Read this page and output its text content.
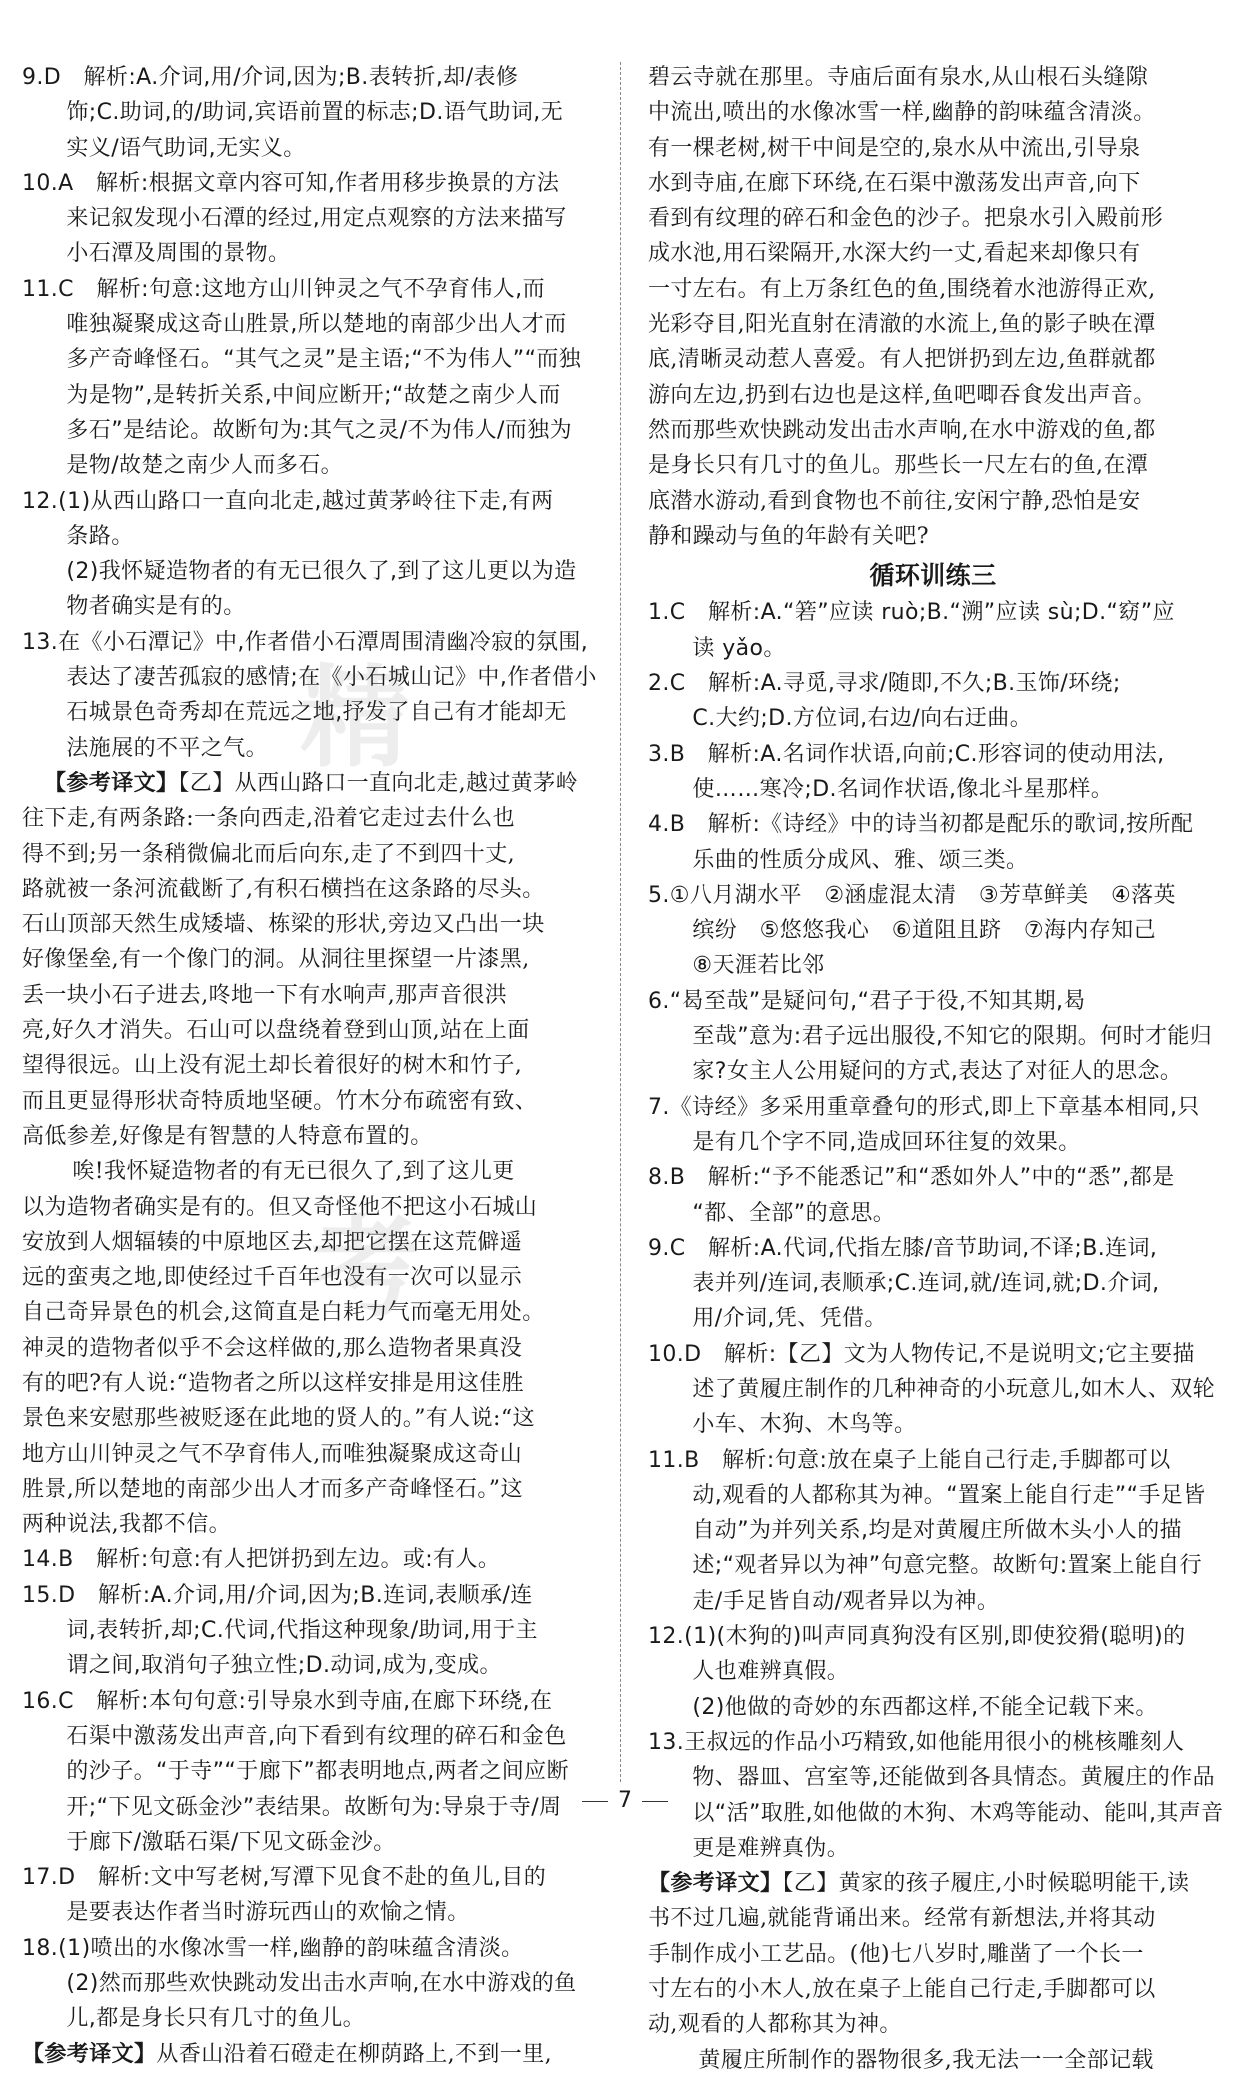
9.D　解析:A.介词,用/介词,因为;B.表转折,却/表修

　饰;C.助词,的/助词,宾语前置的标志;D.语气助词,无

　实义/语气助词,无实义。

10.A　解析:根据文章内容可知,作者用移步换景的方法

　来记叙发现小石潭的经过,用定点观察的方法来描写

　小石潭及周围的景物。

11.C　解析:句意:这地方山川钟灵之气不孕育伟人,而

　唯独凝聚成这奇山胜景,所以楚地的南部少出人才而

　多产奇峰怪石。“其气之灵”是主语;“不为伟人”“而独

　为是物”,是转折关系,中间应断开;“故楚之南少人而

　多石”是结论。故断句为:其气之灵/不为伟人/而独为

　是物/故楚之南少人而多石。

12.(1)从西山路口一直向北走,越过黄茅岭往下走,有两

　条路。

　(2)我怀疑造物者的有无已很久了,到了这儿更以为造

　物者确实是有的。

13.在《小石潭记》中,作者借小石潭周围清幽冷寂的氛围,

　表达了凄苦孤寂的感情;在《小石城山记》中,作者借小

　石城景色奇秀却在荒远之地,抒发了自己有才能却无

　法施展的不平之气。

【参考译文】【乙】从西山路口一直向北走,越过黄茅岭

往下走,有两条路:一条向西走,沿着它走过去什么也

得不到;另一条稍微偏北而后向东,走了不到四十丈,

路就被一条河流截断了,有积石横挡在这条路的尽头。

石山顶部天然生成矮墙、栋梁的形状,旁边又凸出一块

好像堡垒,有一个像门的洞。从洞往里探望一片漆黑,

丢一块小石子进去,咚地一下有水响声,那声音很洪

亮,好久才消失。石山可以盘绕着登到山顶,站在上面

望得很远。山上没有泥土却长着很好的树木和竹子,

而且更显得形状奇特质地坚硬。竹木分布疏密有致、

高低参差,好像是有智慧的人特意布置的。

　唉!我怀疑造物者的有无已很久了,到了这儿更

以为造物者确实是有的。但又奇怪他不把这小石城山

安放到人烟辐辏的中原地区去,却把它摆在这荒僻遥

远的蛮夷之地,即使经过千百年也没有一次可以显示

自己奇异景色的机会,这简直是白耗力气而毫无用处。

神灵的造物者似乎不会这样做的,那么造物者果真没

有的吧?有人说:“造物者之所以这样安排是用这佳胜

景色来安慰那些被贬逐在此地的贤人的。”有人说:“这

地方山川钟灵之气不孕育伟人,而唯独凝聚成这奇山

胜景,所以楚地的南部少出人才而多产奇峰怪石。”这

两种说法,我都不信。

14.B　解析:句意:有人把饼扔到左边。或:有人。

15.D　解析:A.介词,用/介词,因为;B.连词,表顺承/连

　词,表转折,却;C.代词,代指这种现象/助词,用于主

　谓之间,取消句子独立性;D.动词,成为,变成。

16.C　解析:本句句意:引导泉水到寺庙,在廊下环绕,在

　石渠中激荡发出声音,向下看到有纹理的碎石和金色

　的沙子。“于寺”“于廊下”都表明地点,两者之间应断

　开;“下见文砾金沙”表结果。故断句为:导泉于寺/周

　于廊下/激聒石渠/下见文砾金沙。

17.D　解析:文中写老树,写潭下见食不赴的鱼儿,目的

　是要表达作者当时游玩西山的欢愉之情。

18.(1)喷出的水像冰雪一样,幽静的韵味蕴含清淡。

　(2)然而那些欢快跳动发出击水声响,在水中游戏的鱼

　儿,都是身长只有几寸的鱼儿。

【参考译文】从香山沿着石磴走在柳荫路上,不到一里,

碧云寺就在那里。寺庙后面有泉水,从山根石头缝隙

中流出,喷出的水像冰雪一样,幽静的韵味蕴含清淡。

有一棵老树,树干中间是空的,泉水从中流出,引导泉

水到寺庙,在廊下环绕,在石渠中激荡发出声音,向下

看到有纹理的碎石和金色的沙子。把泉水引入殿前形

成水池,用石梁隔开,水深大约一丈,看起来却像只有

一寸左右。有上万条红色的鱼,围绕着水池游得正欢,

光彩夺目,阳光直射在清澈的水流上,鱼的影子映在潭

底,清晰灵动惹人喜爱。有人把饼扔到左边,鱼群就都

游向左边,扔到右边也是这样,鱼吧唧吞食发出声音。

然而那些欢快跳动发出击水声响,在水中游戏的鱼,都

是身长只有几寸的鱼儿。那些长一尺左右的鱼,在潭

底潜水游动,看到食物也不前往,安闲宁静,恐怕是安

静和躁动与鱼的年龄有关吧?

循环训练三

1.C　解析:A.“箬”应读 ruò;B.“溯”应读 sù;D.“窈”应

　读 yǎo。

2.C　解析:A.寻觅,寻求/随即,不久;B.玉饰/环绕;

　C.大约;D.方位词,右边/向右迂曲。

3.B　解析:A.名词作状语,向前;C.形容词的使动用法,

　使……寒冷;D.名词作状语,像北斗星那样。

4.B　解析:《诗经》中的诗当初都是配乐的歌词,按所配

　乐曲的性质分成风、雅、颂三类。

5.①八月湖水平　②涵虚混太清　③芳草鲜美　④落英

　缤纷　⑤悠悠我心　⑥道阻且跻　⑦海内存知己

　⑧天涯若比邻

6.“曷至哉”是疑问句,“君子于役,不知其期,曷

　至哉”意为:君子远出服役,不知它的限期。何时才能归

　家?女主人公用疑问的方式,表达了对征人的思念。

7.《诗经》多采用重章叠句的形式,即上下章基本相同,只

　是有几个字不同,造成回环往复的效果。

8.B　解析:“予不能悉记”和“悉如外人”中的“悉”,都是

　“都、全部”的意思。

9.C　解析:A.代词,代指左膝/音节助词,不译;B.连词,

　表并列/连词,表顺承;C.连词,就/连词,就;D.介词,

　用/介词,凭、凭借。

10.D　解析:【乙】文为人物传记,不是说明文;它主要描

　述了黄履庄制作的几种神奇的小玩意儿,如木人、双轮

　小车、木狗、木鸟等。

11.B　解析:句意:放在桌子上能自己行走,手脚都可以

　动,观看的人都称其为神。“置案上能自行走”“手足皆

　自动”为并列关系,均是对黄履庄所做木头小人的描

　述;“观者异以为神”句意完整。故断句:置案上能自行

　走/手足皆自动/观者异以为神。

12.(1)(木狗的)叫声同真狗没有区别,即使狡猾(聪明)的

　人也难辨真假。

　(2)他做的奇妙的东西都这样,不能全记载下来。

13.王叔远的作品小巧精致,如他能用很小的桃核雕刻人

　物、器皿、宫室等,还能做到各具情态。黄履庄的作品

　以“活”取胜,如他做的木狗、木鸡等能动、能叫,其声音

　更是难辨真伪。

【参考译文】【乙】黄家的孩子履庄,小时候聪明能干,读

书不过几遍,就能背诵出来。经常有新想法,并将其动

手制作成小工艺品。(他)七八岁时,雕凿了一个长一

寸左右的小木人,放在桌子上能自己行走,手脚都可以

动,观看的人都称其为神。

　黄履庄所制作的器物很多,我无法一一全部记载

精
考
7
